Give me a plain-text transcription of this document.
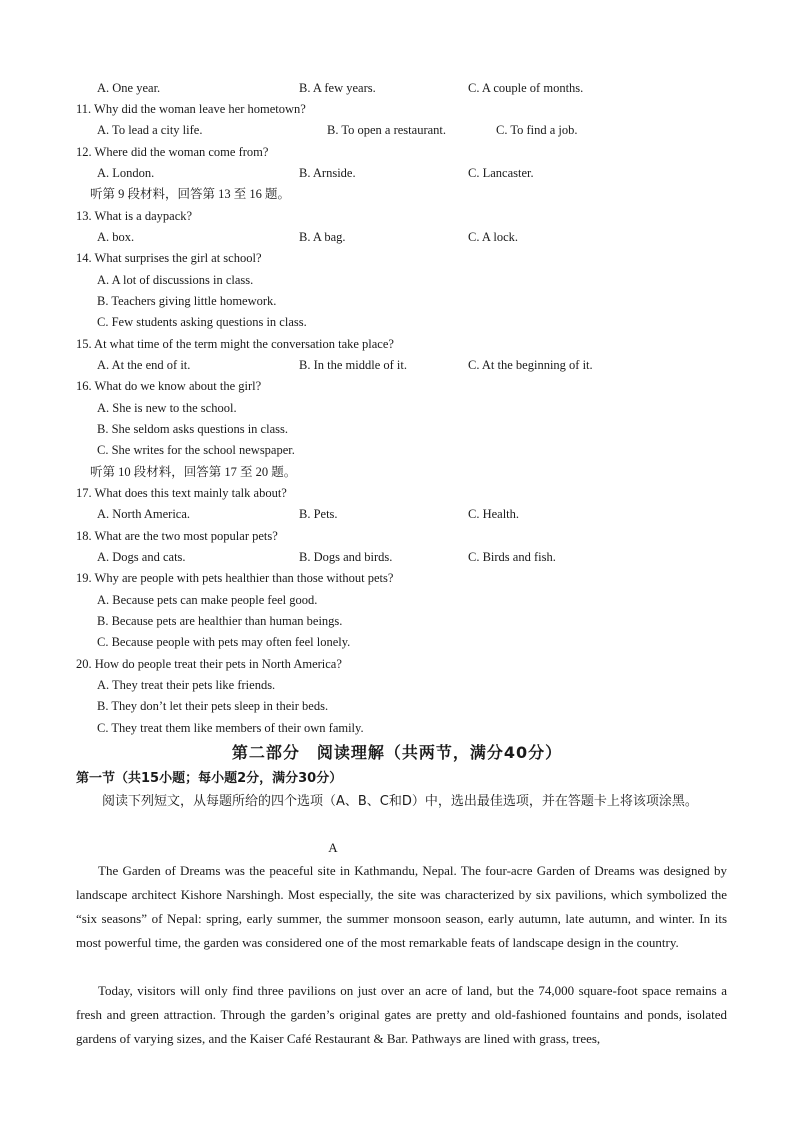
A. One year.	B. A few years.	C. A couple of months.
11. Why did the woman leave her hometown?
A. To lead a city life.	B. To open a restaurant.	C. To find a job.
12. Where did the woman come from?
A. London.	B. Arnside.	C. Lancaster.
听第 9 段材料，回答第 13 至 16 题。
13. What is a daypack?
A. box.	B. A bag.	C. A lock.
14. What surprises the girl at school?
A. A lot of discussions in class.
B. Teachers giving little homework.
C. Few students asking questions in class.
15. At what time of the term might the conversation take place?
A. At the end of it.	B. In the middle of it.	C. At the beginning of it.
16. What do we know about the girl?
A. She is new to the school.
B. She seldom asks questions in class.
C. She writes for the school newspaper.
听第 10 段材料，回答第 17 至 20 题。
17. What does this text mainly talk about?
A. North America.	B. Pets.	C. Health.
18. What are the two most popular pets?
A. Dogs and cats.	B. Dogs and birds.	C. Birds and fish.
19. Why are people with pets healthier than those without pets?
A. Because pets can make people feel good.
B. Because pets are healthier than human beings.
C. Because people with pets may often feel lonely.
20. How do people treat their pets in North America?
A. They treat their pets like friends.
B. They don’t let their pets sleep in their beds.
C. They treat them like members of their own family.
第二部分　阅读理解（共两节，满分40分）
第一节（共15小题；每小题2分，满分30分）
阅读下列短文，从每题所给的四个选项（A、B、C和D）中，选出最佳选项，并在答题卡上将该项涂黑。
A
The Garden of Dreams was the peaceful site in Kathmandu, Nepal. The four-acre Garden of Dreams was designed by landscape architect Kishore Narshingh. Most especially, the site was characterized by six pavilions, which symbolized the “six seasons” of Nepal: spring, early summer, the summer monsoon season, early autumn, late autumn, and winter. In its most powerful time, the garden was considered one of the most remarkable feats of landscape design in the country.
Today, visitors will only find three pavilions on just over an acre of land, but the 74,000 square-foot space remains a fresh and green attraction. Through the garden’s original gates are pretty and old-fashioned fountains and ponds, isolated gardens of varying sizes, and the Kaiser Café Restaurant & Bar. Pathways are lined with grass, trees,
